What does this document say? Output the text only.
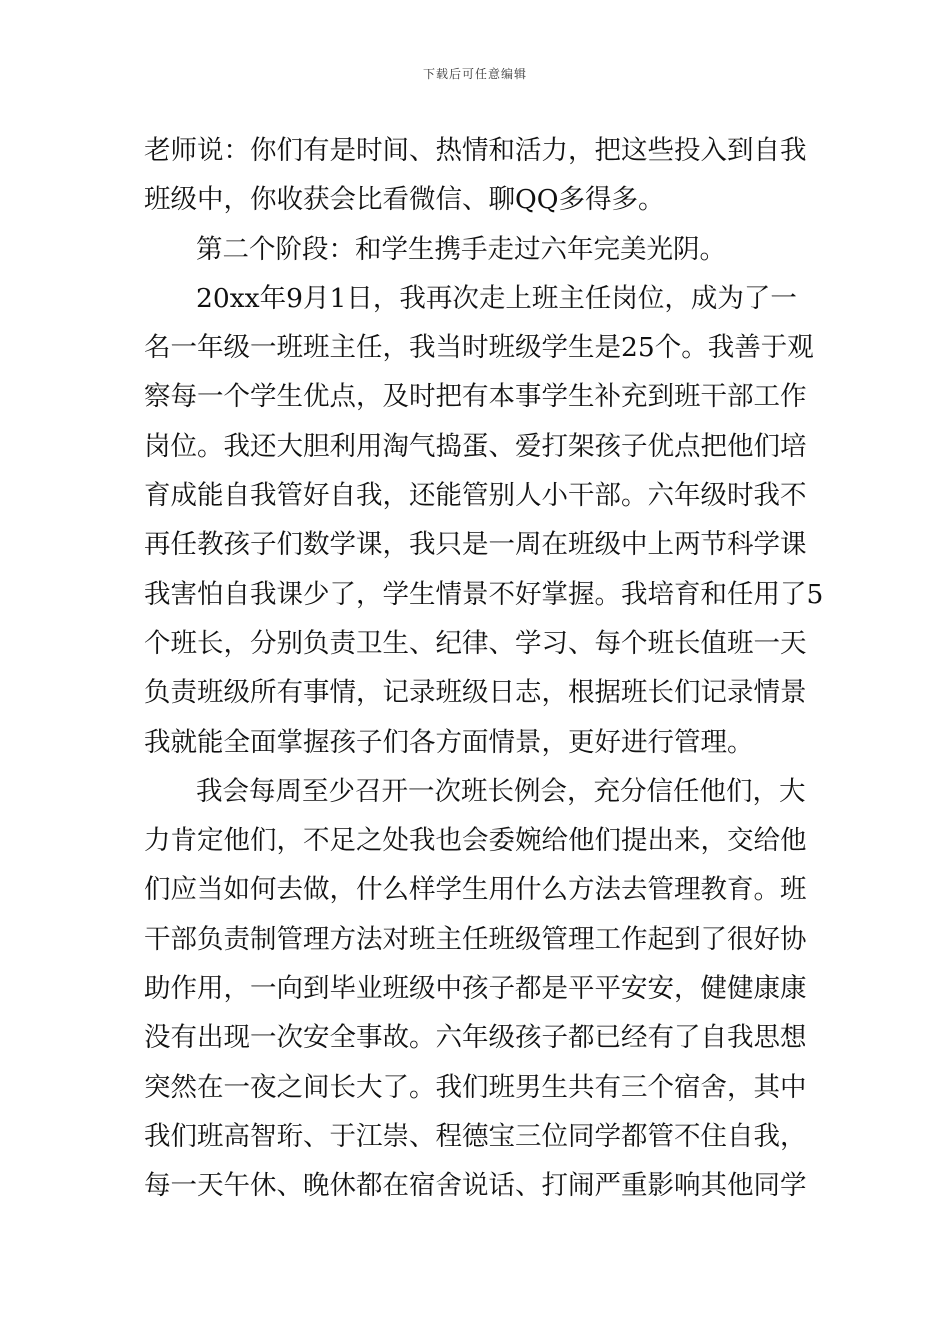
下载后可任意编辑
老师说：你们有是时间、热情和活力，把这些投入到自我
班级中，你收获会比看微信、聊QQ多得多。
第二个阶段：和学生携手走过六年完美光阴。
20xx年9月1日，我再次走上班主任岗位，成为了一
名一年级一班班主任，我当时班级学生是25个。我善于观
察每一个学生优点，及时把有本事学生补充到班干部工作
岗位。我还大胆利用淘气捣蛋、爱打架孩子优点把他们培
育成能自我管好自我，还能管别人小干部。六年级时我不
再任教孩子们数学课，我只是一周在班级中上两节科学课
我害怕自我课少了，学生情景不好掌握。我培育和任用了5
个班长，分别负责卫生、纪律、学习、每个班长值班一天
负责班级所有事情，记录班级日志，根据班长们记录情景
我就能全面掌握孩子们各方面情景，更好进行管理。
我会每周至少召开一次班长例会，充分信任他们，大
力肯定他们，不足之处我也会委婉给他们提出来，交给他
们应当如何去做，什么样学生用什么方法去管理教育。班
干部负责制管理方法对班主任班级管理工作起到了很好协
助作用，一向到毕业班级中孩子都是平平安安，健健康康
没有出现一次安全事故。六年级孩子都已经有了自我思想
突然在一夜之间长大了。我们班男生共有三个宿舍，其中
我们班高智珩、于江崇、程德宝三位同学都管不住自我，
每一天午休、晚休都在宿舍说话、打闹严重影响其他同学
